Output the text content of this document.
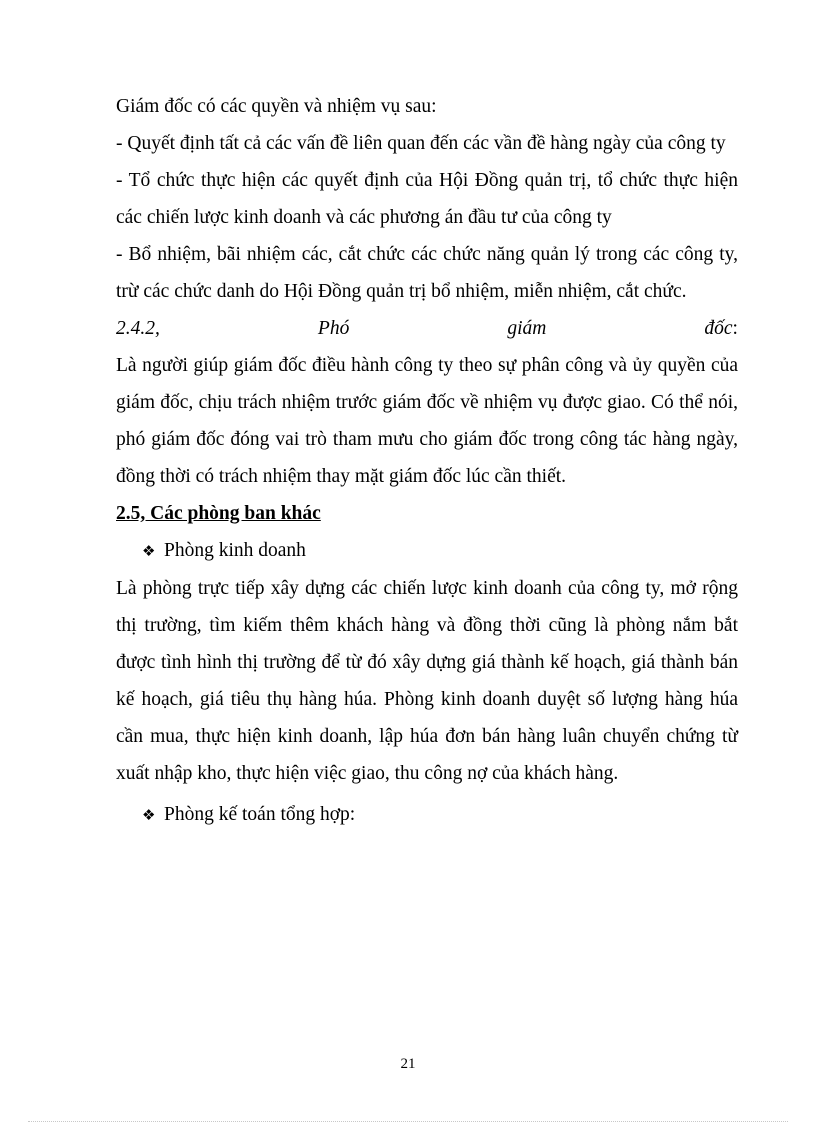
Giám đốc có các quyền và nhiệm vụ sau:

- Quyết định tất cả các vấn đề liên quan đến các vần đề hàng ngày của công ty

- Tổ chức thực hiện các quyết định của Hội Đồng quản trị, tổ chức thực hiện các chiến lược kinh doanh và các phương án đầu tư của công ty

- Bổ nhiệm, bãi nhiệm các, cắt chức các chức năng quản lý trong các công ty, trừ các chức danh do Hội Đồng quản trị bổ nhiệm, miễn nhiệm, cắt chức.

2.4.2,	Phó	giám	đốc:

Là người giúp giám đốc điều hành công ty theo sự phân công và ủy quyền của giám đốc, chịu trách nhiệm trước giám đốc về nhiệm vụ được giao. Có thể nói, phó giám đốc đóng vai trò tham mưu cho giám đốc trong công tác hàng ngày, đồng thời có trách nhiệm thay mặt giám đốc lúc cần thiết.

2.5, Các phòng ban khác

❖ Phòng kinh doanh

Là phòng trực tiếp xây dựng các chiến lược kinh doanh của công ty, mở rộng thị trường, tìm kiếm thêm khách hàng và đồng thời cũng là phòng nắm bắt được tình hình thị trường để từ đó xây dựng giá thành kế hoạch, giá thành bán kế hoạch, giá tiêu thụ hàng húa. Phòng kinh doanh duyệt số lượng hàng húa cần mua, thực hiện kinh doanh, lập húa đơn bán hàng luân chuyển chứng từ xuất nhập kho, thực hiện việc giao, thu công nợ của khách hàng.

❖ Phòng kế toán tổng hợp:

21
